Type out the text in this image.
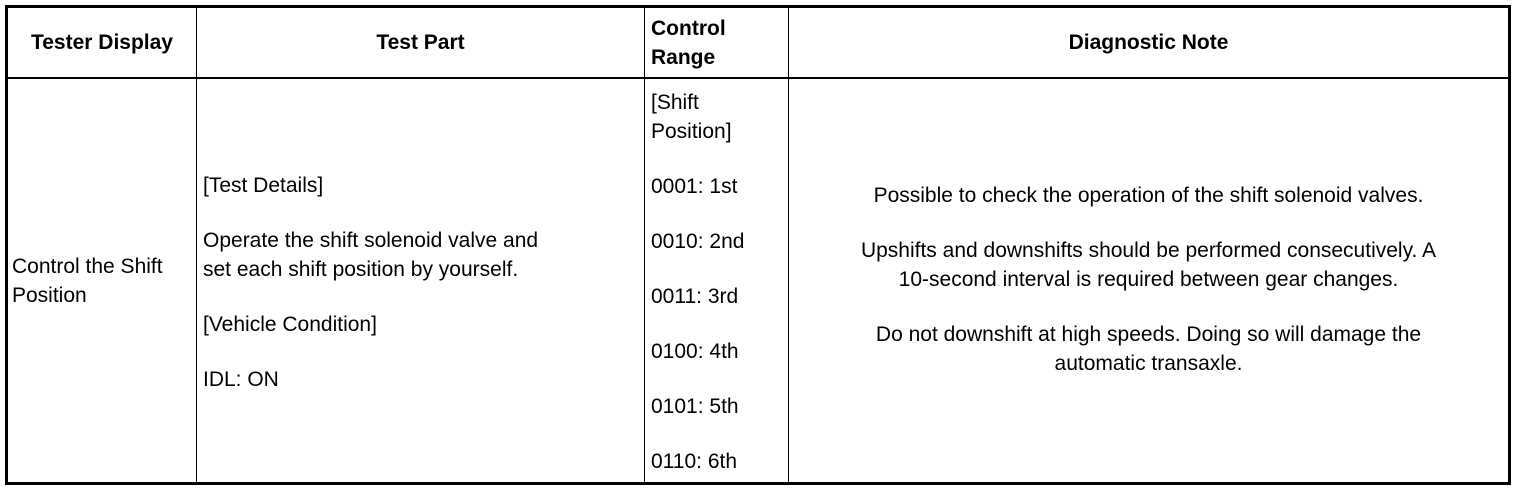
Tester Display	Test Part

Control

Range

Diagnostic Note

Control the Shift

Position

[Test Details]

Operate the shift solenoid valve and

set each shift position by yourself.

[Vehicle Condition]

IDL: ON

[Shift

Position]

0001: 1st

0010: 2nd

0011: 3rd

0100: 4th

0101: 5th

0110: 6th

Possible to check the operation of the shift solenoid valves.

Upshifts and downshifts should be performed consecutively. A

10-second interval is required between gear changes.

Do not downshift at high speeds. Doing so will damage the

automatic transaxle.
